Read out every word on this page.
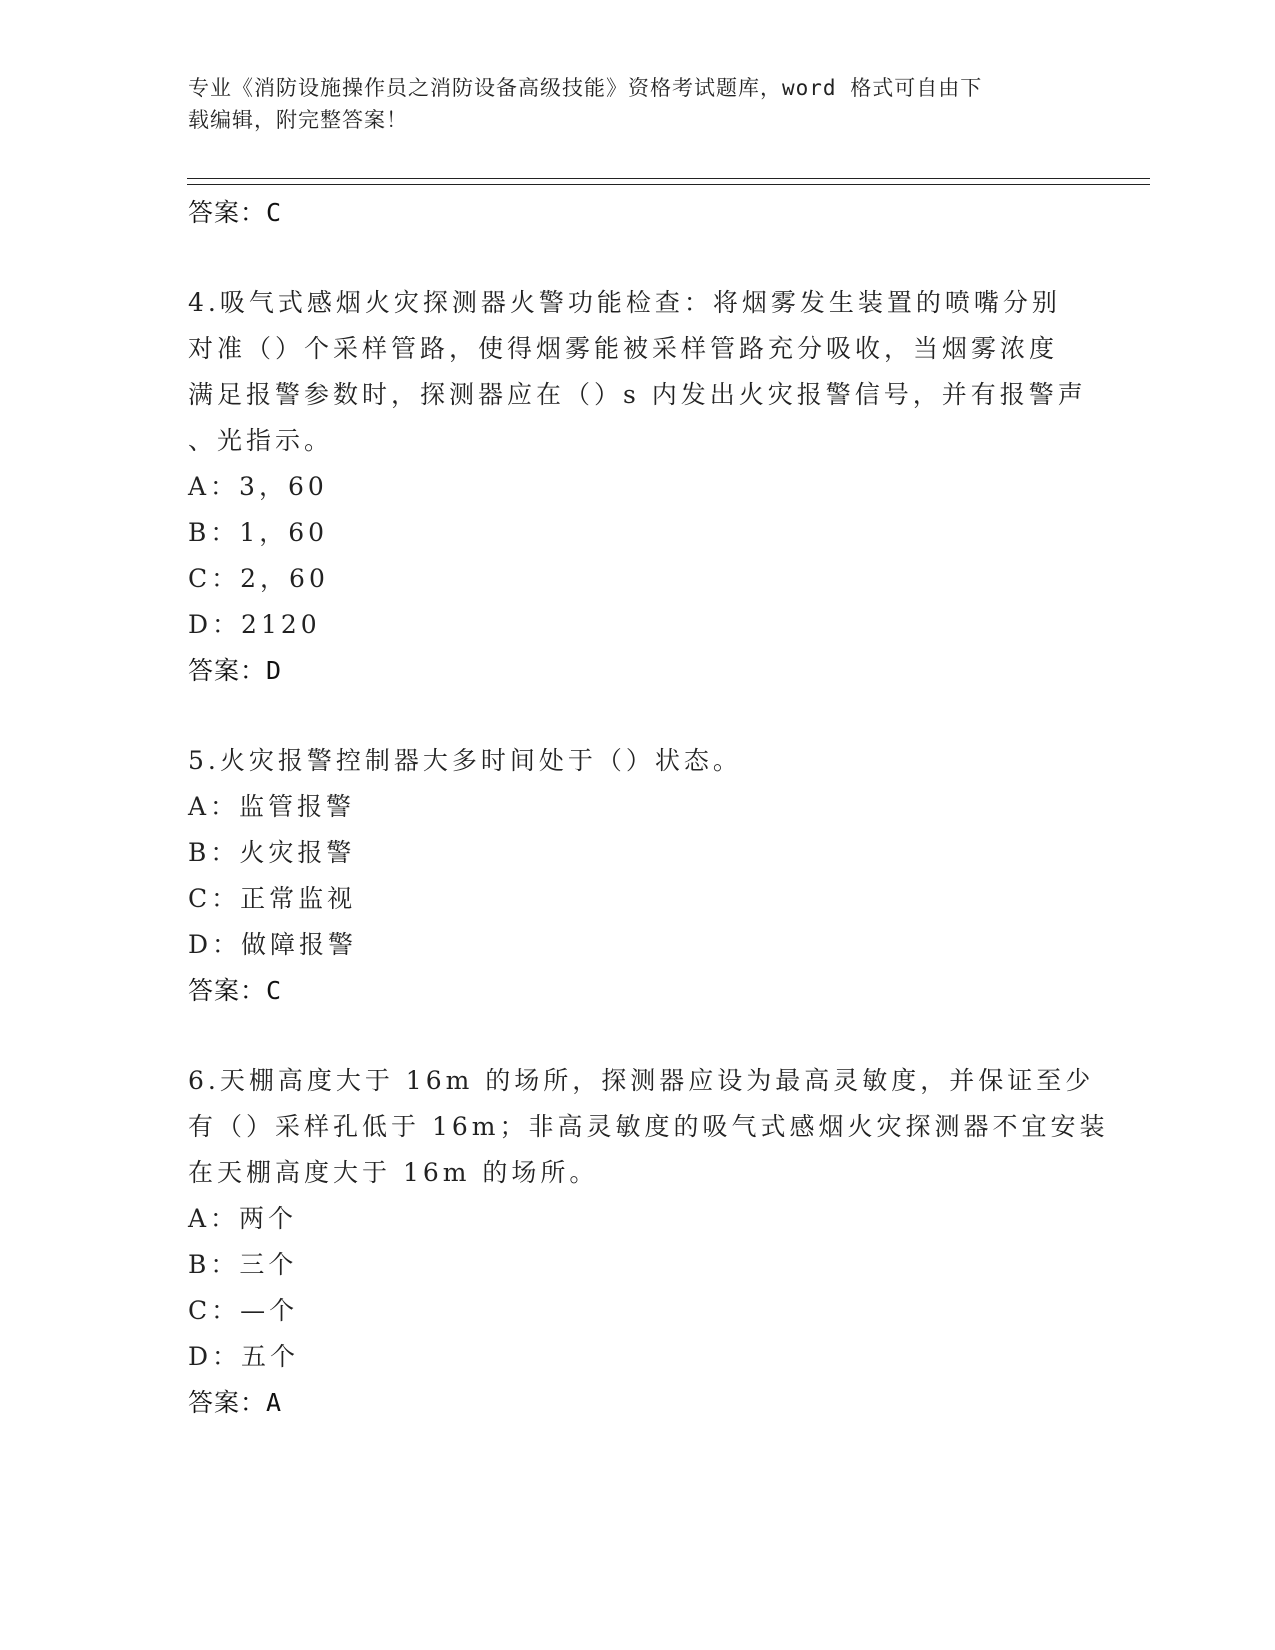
专业《消防设施操作员之消防设备高级技能》资格考试题库，word 格式可自由下
载编辑，附完整答案！
答案：C
4.吸气式感烟火灾探测器火警功能检查：将烟雾发生装置的喷嘴分别
对准（）个采样管路，使得烟雾能被采样管路充分吸收，当烟雾浓度
满足报警参数时，探测器应在（）s 内发出火灾报警信号，并有报警声
、光指示。
A：3，60
B：1，60
C：2，60
D：2120
答案：D
5.火灾报警控制器大多时间处于（）状态。
A：监管报警
B：火灾报警
C：正常监视
D：做障报警
答案：C
6.天棚高度大于 16m 的场所，探测器应设为最高灵敏度，并保证至少
有（）采样孔低于 16m；非高灵敏度的吸气式感烟火灾探测器不宜安装
在天棚高度大于 16m 的场所。
A：两个
B：三个
C：—个
D：五个
答案：A
